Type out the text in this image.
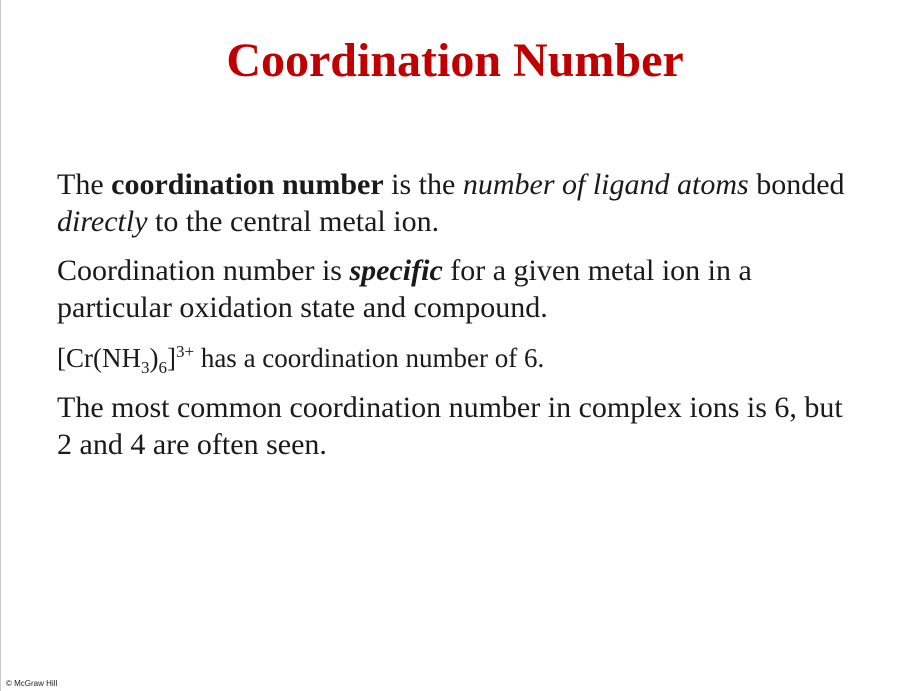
Coordination Number

The coordination number is the number of ligand atoms bonded directly to the central metal ion.

Coordination number is specific for a given metal ion in a particular oxidation state and compound.

$[Cr(NH_3)_6]^{3+}$ has a coordination number of 6.

The most common coordination number in complex ions is 6, but 2 and 4 are often seen.

© McGraw Hill
